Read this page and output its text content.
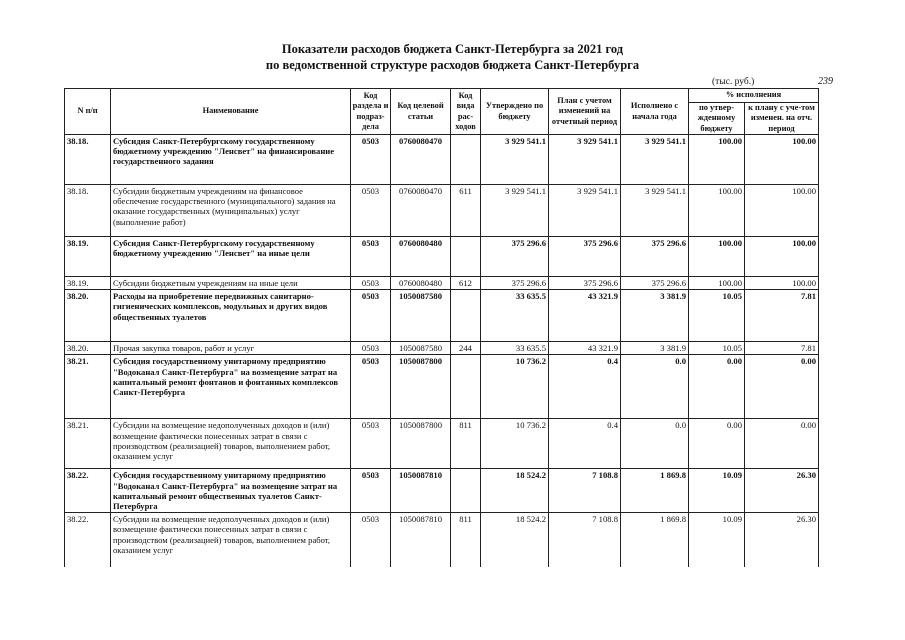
Показатели расходов бюджета Санкт-Петербурга за 2021 год
по ведомственной структуре расходов бюджета Санкт-Петербурга
(тыс. руб.)	239
N п/п	Наименование	Код раздела и подраз-дела	Код целевой статьи	Код вида рас-ходов	Утверждено по бюджету	План с учетом изменений на отчетный период	Исполнено с начала года	% исполнения	
								по утвер-жденному бюджету	к плану с уче-том изменен. на отч. период
38.18.	Субсидия Санкт-Петербургскому государственному бюджетному учреждению "Ленсвет" на финансирование государственного задания	0503	0760080470		3 929 541.1	3 929 541.1	3 929 541.1	100.00	100.00
38.18.	Субсидии бюджетным учреждениям на финансовое обеспечение государственного (муниципального) задания на оказание государственных (муниципальных) услуг (выполнение работ)	0503	0760080470	611	3 929 541.1	3 929 541.1	3 929 541.1	100.00	100.00
38.19.	Субсидия Санкт-Петербургскому государственному бюджетному учреждению "Ленсвет" на иные цели	0503	0760080480		375 296.6	375 296.6	375 296.6	100.00	100.00
38.19.	Субсидии бюджетным учреждениям на иные цели	0503	0760080480	612	375 296.6	375 296.6	375 296.6	100.00	100.00
38.20.	Расходы на приобретение передвижных санитарно-гигиенических комплексов, модульных и других видов общественных туалетов	0503	1050087580		33 635.5	43 321.9	3 381.9	10.05	7.81
38.20.	Прочая закупка товаров, работ и услуг	0503	1050087580	244	33 635.5	43 321.9	3 381.9	10.05	7.81
38.21.	Субсидия государственному унитарному предприятию "Водоканал Санкт-Петербурга" на возмещение затрат на капитальный ремонт фонтанов и фонтанных комплексов Санкт-Петербурга	0503	1050087800		10 736.2	0.4	0.0	0.00	0.00
38.21.	Субсидии на возмещение недополученных доходов и (или) возмещение фактически понесенных затрат в связи с производством (реализацией) товаров, выполнением работ, оказанием услуг	0503	1050087800	811	10 736.2	0.4	0.0	0.00	0.00
38.22.	Субсидия государственному унитарному предприятию "Водоканал Санкт-Петербурга" на возмещение затрат на капитальный ремонт общественных туалетов Санкт-Петербурга	0503	1050087810		18 524.2	7 108.8	1 869.8	10.09	26.30
38.22.	Субсидии на возмещение недополученных доходов и (или) возмещение фактически понесенных затрат в связи с производством (реализацией) товаров, выполнением работ, оказанием услуг	0503	1050087810	811	18 524.2	7 108.8	1 869.8	10.09	26.30
